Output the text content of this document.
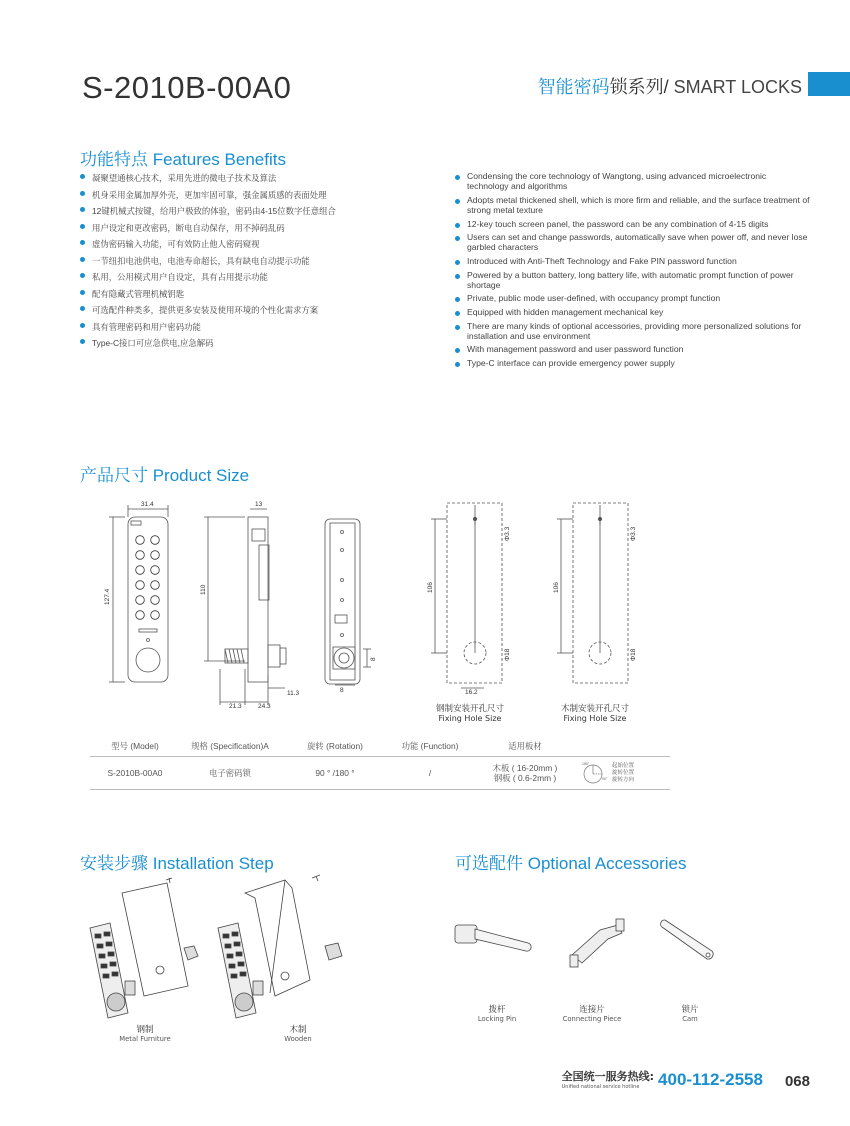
S-2010B-00A0	智能密码锁系列/ SMART LOCKS
功能特点 Features Benefits
凝聚望通核心技术，采用先进的微电子技术及算法
机身采用金属加厚外壳，更加牢固可靠，强金属质感的表面处理
12键机械式按键，给用户极致的体验，密码由4-15位数字任意组合
用户设定和更改密码，断电自动保存，用不掉码乱码
虚伪密码输入功能，可有效防止他人密码窥视
一节纽扣电池供电，电池寿命超长，具有缺电自动提示功能
私用，公用模式用户自设定，具有占用提示功能
配有隐藏式管理机械钥匙
可选配件种类多，提供更多安装及使用环境的个性化需求方案
具有管理密码和用户密码功能
Type-C接口可应急供电,应急解码
Condensing the core technology of Wangtong, using advanced microelectronic technology and algorithms
Adopts metal thickened shell, which is more firm and reliable, and the surface treatment of strong metal texture
12-key touch screen panel, the password can be any combination of 4-15 digits
Users can set and change passwords, automatically save when power off, and never lose garbled characters
Introduced with Anti-Theft Technology and Fake PIN password function
Powered by a button battery, long battery life, with automatic prompt function of power shortage
Private, public mode user-defined, with occupancy prompt function
Equipped with hidden management mechanical key
There are many kinds of optional accessories, providing more personalized solutions for installation and use environment
With management password and user password function
Type-C interface can provide emergency power supply
产品尺寸 Product Size
31.4	13
127.4	110
11.3
21.3	24.3
8
8
106	106
Φ3.3	Φ3.3
Φ18	Φ18
16.2
钢制安装开孔尺寸
Fixing Hole Size
木制安装开孔尺寸
Fixing Hole Size
型号 (Model)	规格 (Specification)A	旋转 (Rotation)	功能 (Function)	适用板材
S-2010B-00A0	电子密码锁	90 ° /180 °	/	木板 ( 16-20mm )
钢板 ( 0.6-2mm )
180°
90°
起始位置
旋转位置
旋转方向
安装步骤 Installation Step
钢制
Metal Furniture
木制
Wooden
可选配件 Optional Accessories
拨杆
Locking Pin
连接片
Connecting Piece
锁片
Cam
全国统一服务热线:
Unified national service hotline	400-112-2558 068
